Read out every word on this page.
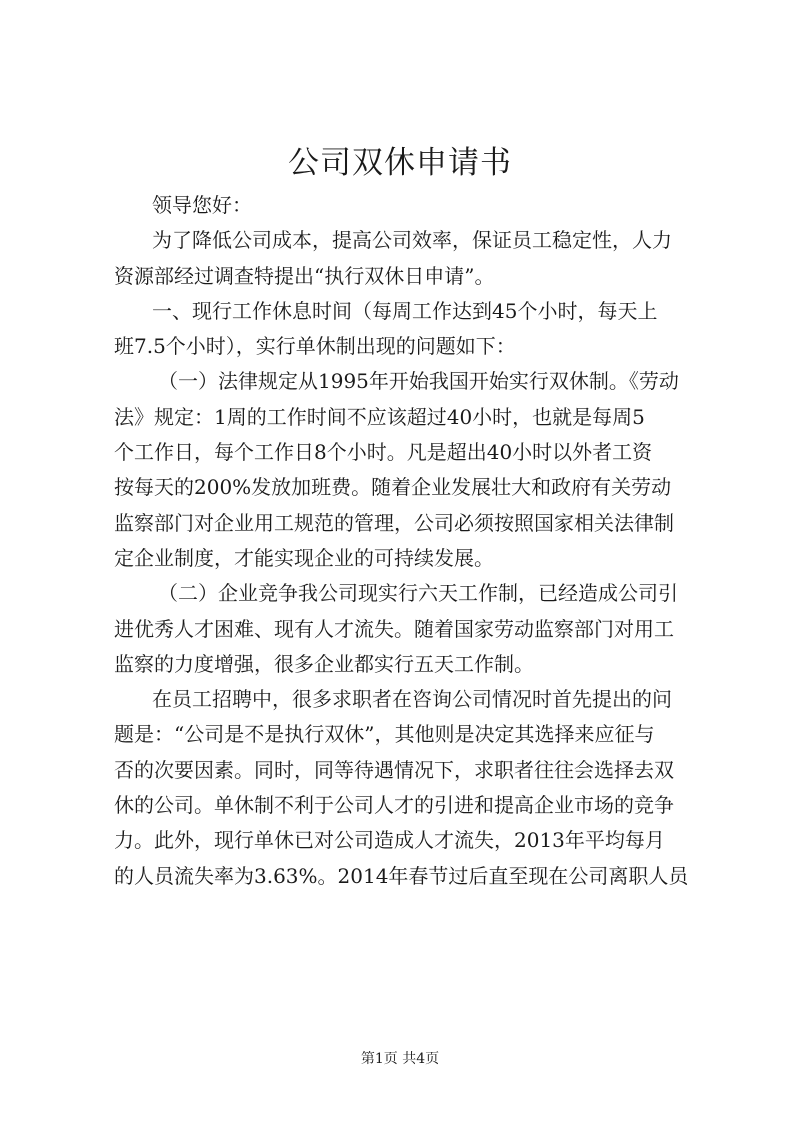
公司双休申请书
领导您好：
为了降低公司成本，提高公司效率，保证员工稳定性，人力
资源部经过调查特提出“执行双休日申请”。
一、现行工作休息时间（每周工作达到45个小时，每天上
班7.5个小时），实行单休制出现的问题如下：
（一）法律规定从1995年开始我国开始实行双休制。《劳动
法》规定：1周的工作时间不应该超过40小时，也就是每周5
个工作日，每个工作日8个小时。凡是超出40小时以外者工资
按每天的200%发放加班费。随着企业发展壮大和政府有关劳动
监察部门对企业用工规范的管理，公司必须按照国家相关法律制
定企业制度，才能实现企业的可持续发展。
（二）企业竞争我公司现实行六天工作制，已经造成公司引
进优秀人才困难、现有人才流失。随着国家劳动监察部门对用工
监察的力度增强，很多企业都实行五天工作制。
在员工招聘中，很多求职者在咨询公司情况时首先提出的问
题是：“公司是不是执行双休”，其他则是决定其选择来应征与
否的次要因素。同时，同等待遇情况下，求职者往往会选择去双
休的公司。单休制不利于公司人才的引进和提高企业市场的竞争
力。此外，现行单休已对公司造成人才流失，2013年平均每月
的人员流失率为3.63%。2014年春节过后直至现在公司离职人员
第1页 共4页
